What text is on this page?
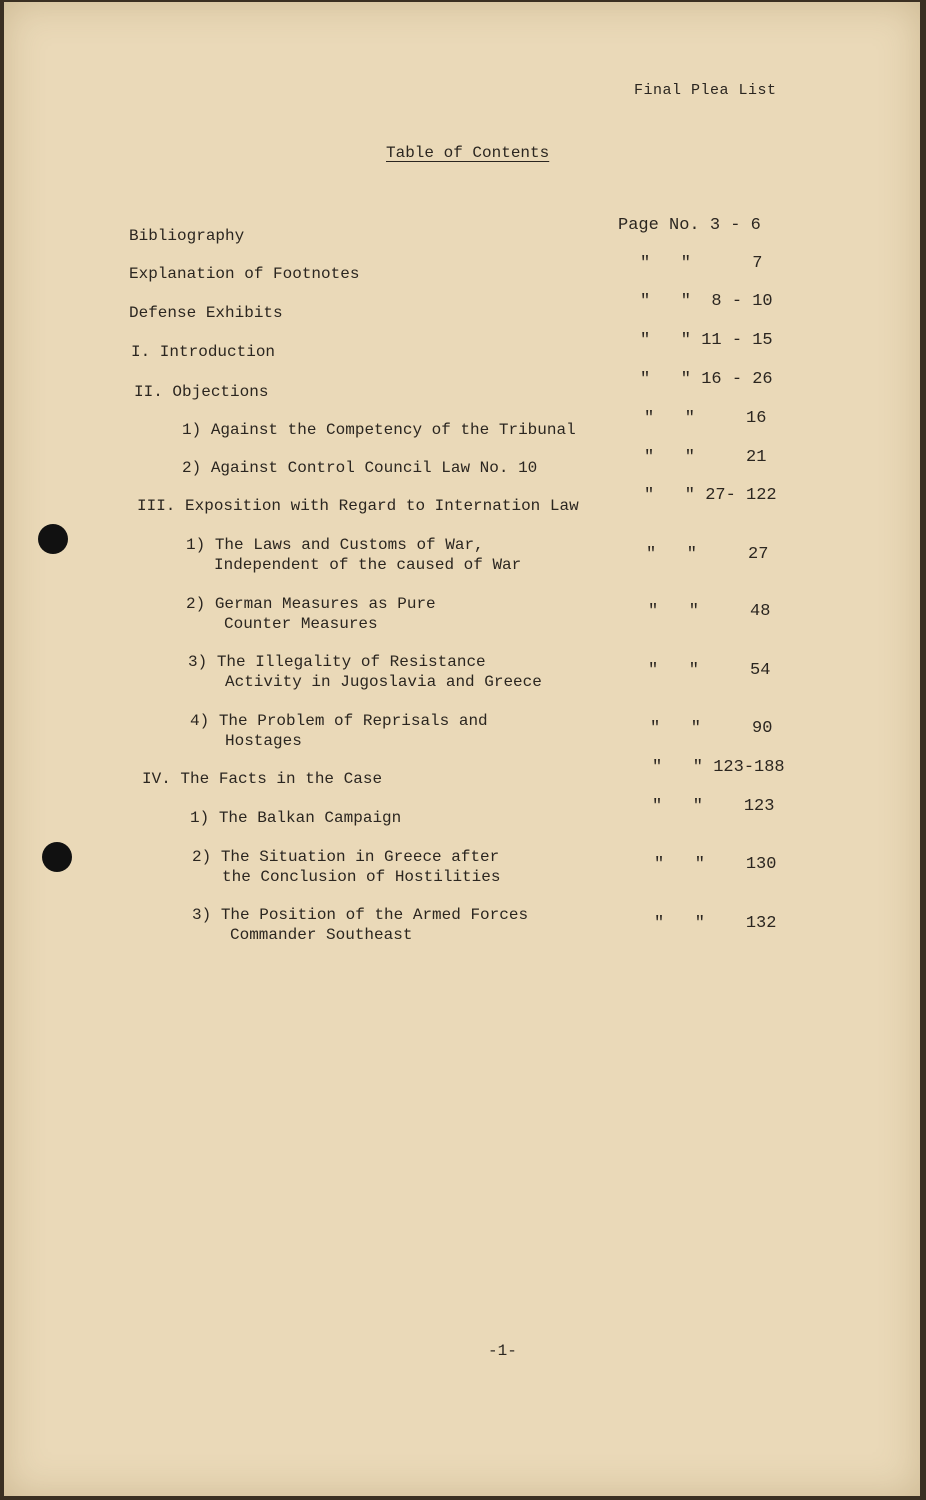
Final Plea List
Table of Contents
Bibliography
Page No. 3 - 6
Explanation of Footnotes
"   "      7
Defense Exhibits
"   "  8 - 10
I. Introduction
"   " 11 - 15
II. Objections
"   " 16 - 26
1) Against the Competency of the Tribunal
"   "     16
2) Against Control Council Law No. 10
"   "     21
III. Exposition with Regard to Internation Law
"   " 27- 122
1) The Laws and Customs of War,
Independent of the caused of War
"   "     27
2) German Measures as Pure
Counter Measures
"   "     48
3) The Illegality of Resistance
Activity in Jugoslavia and Greece
"   "     54
4) The Problem of Reprisals and
Hostages
"   "     90
IV. The Facts in the Case
"   " 123-188
1) The Balkan Campaign
"   "    123
2) The Situation in Greece after
the Conclusion of Hostilities
"   "    130
3) The Position of the Armed Forces
Commander Southeast
"   "    132
-1-
